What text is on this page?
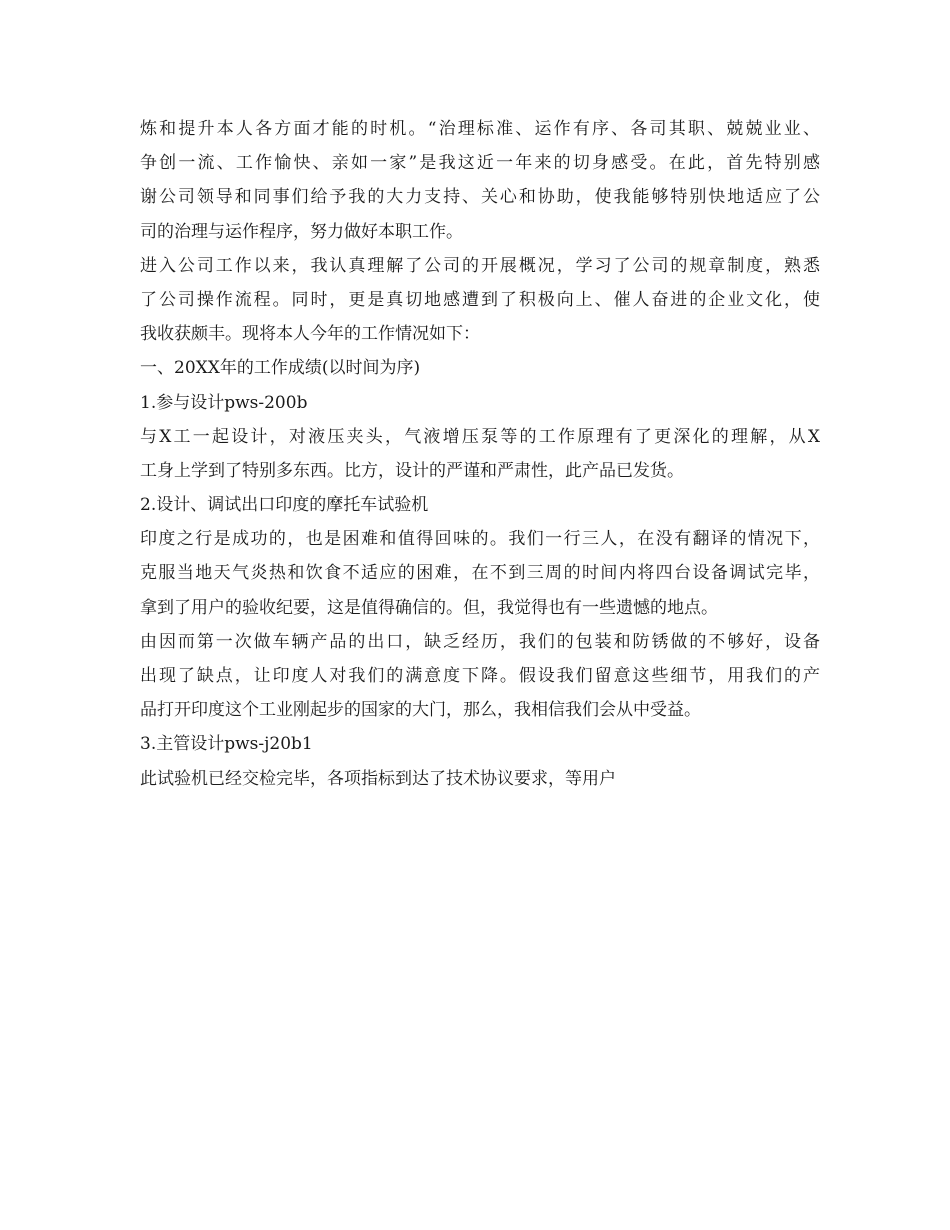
炼和提升本人各方面才能的时机。“治理标准、运作有序、各司其职、兢兢业业、
争创一流、工作愉快、亲如一家”是我这近一年来的切身感受。在此，首先特别感
谢公司领导和同事们给予我的大力支持、关心和协助，使我能够特别快地适应了公
司的治理与运作程序，努力做好本职工作。
进入公司工作以来，我认真理解了公司的开展概况，学习了公司的规章制度，熟悉
了公司操作流程。同时，更是真切地感遭到了积极向上、催人奋进的企业文化，使
我收获颇丰。现将本人今年的工作情况如下：
一、20XX年的工作成绩(以时间为序)
1.参与设计pws-200b
与X工一起设计，对液压夹头，气液增压泵等的工作原理有了更深化的理解，从X
工身上学到了特别多东西。比方，设计的严谨和严肃性，此产品已发货。
2.设计、调试出口印度的摩托车试验机
印度之行是成功的，也是困难和值得回味的。我们一行三人，在没有翻译的情况下，
克服当地天气炎热和饮食不适应的困难，在不到三周的时间内将四台设备调试完毕，
拿到了用户的验收纪要，这是值得确信的。但，我觉得也有一些遗憾的地点。
由因而第一次做车辆产品的出口，缺乏经历，我们的包装和防锈做的不够好，设备
出现了缺点，让印度人对我们的满意度下降。假设我们留意这些细节，用我们的产
品打开印度这个工业刚起步的国家的大门，那么，我相信我们会从中受益。
3.主管设计pws-j20b1
此试验机已经交检完毕，各项指标到达了技术协议要求，等用户
